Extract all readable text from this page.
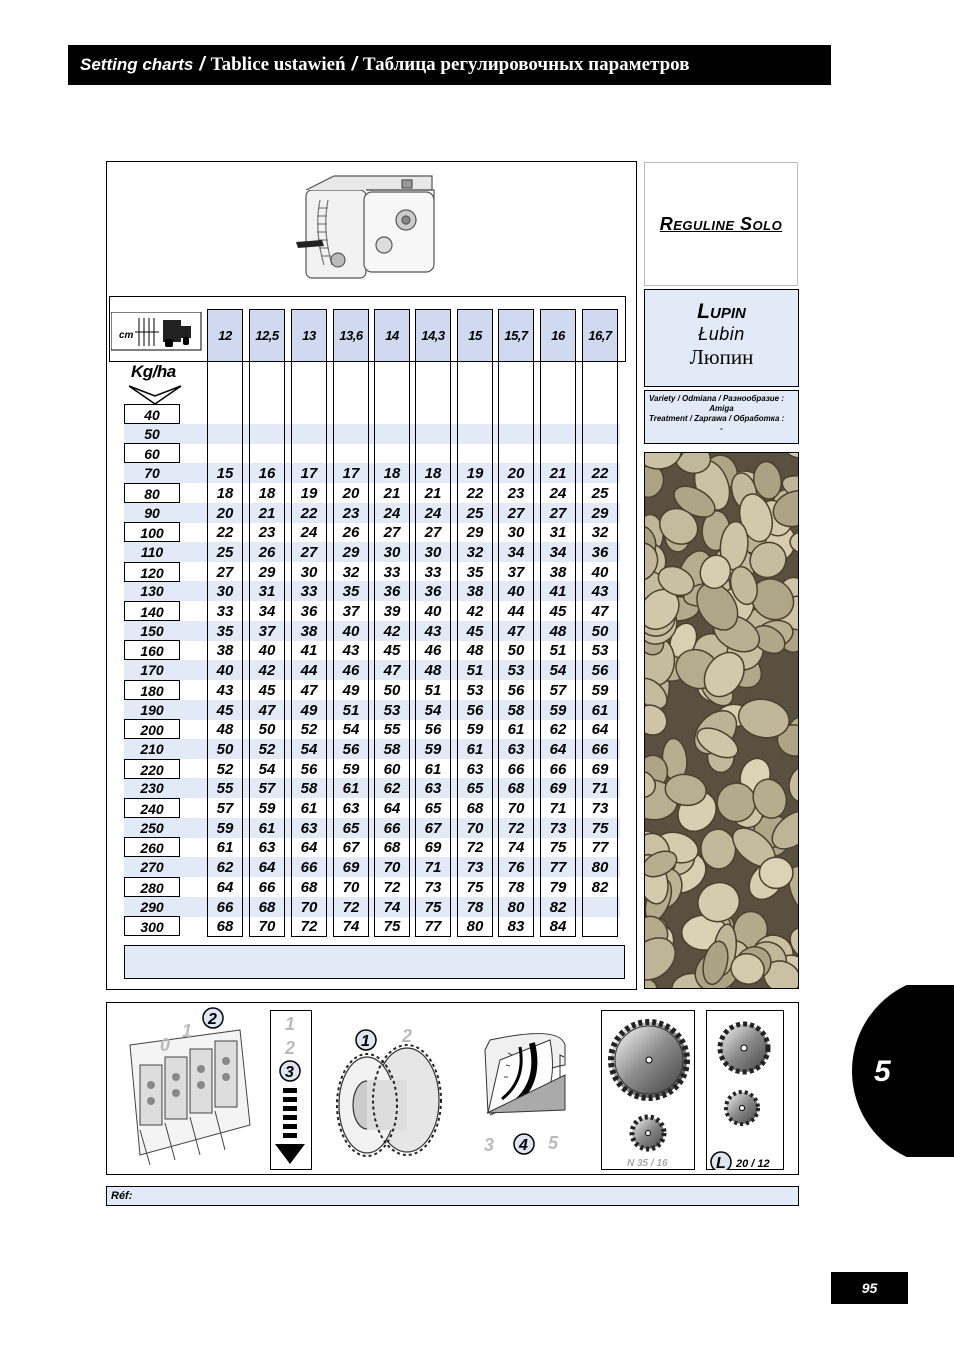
Setting charts / Tablice ustawień / Таблица регулировочных параметров
cm
Kg/ha
12	12,5	13	13,6	14	14,3	15	15,7	16	16,7
40
50
60
70	15	16	17	17	18	18	19	20	21	22
80	18	18	19	20	21	21	22	23	24	25
90	20	21	22	23	24	24	25	27	27	29
100	22	23	24	26	27	27	29	30	31	32
110	25	26	27	29	30	30	32	34	34	36
120	27	29	30	32	33	33	35	37	38	40
130	30	31	33	35	36	36	38	40	41	43
140	33	34	36	37	39	40	42	44	45	47
150	35	37	38	40	42	43	45	47	48	50
160	38	40	41	43	45	46	48	50	51	53
170	40	42	44	46	47	48	51	53	54	56
180	43	45	47	49	50	51	53	56	57	59
190	45	47	49	51	53	54	56	58	59	61
200	48	50	52	54	55	56	59	61	62	64
210	50	52	54	56	58	59	61	63	64	66
220	52	54	56	59	60	61	63	66	66	69
230	55	57	58	61	62	63	65	68	69	71
240	57	59	61	63	64	65	68	70	71	73
250	59	61	63	65	66	67	70	72	73	75
260	61	63	64	67	68	69	72	74	75	77
270	62	64	66	69	70	71	73	76	77	80
280	64	66	68	70	72	73	75	78	79	82
290	66	68	70	72	74	75	78	80	82
300	68	70	72	74	75	77	80	83	84
Reguline Solo
Lupin
Łubin
Люпин
Variety / Odmiana / Разнообразие :
Amiga
Treatment / Zaprawa / Обработка :
-
0
1
2	1
2
3
1 2
3 4 5
N 35 / 16	L 20 / 12
Réf:
5
95
